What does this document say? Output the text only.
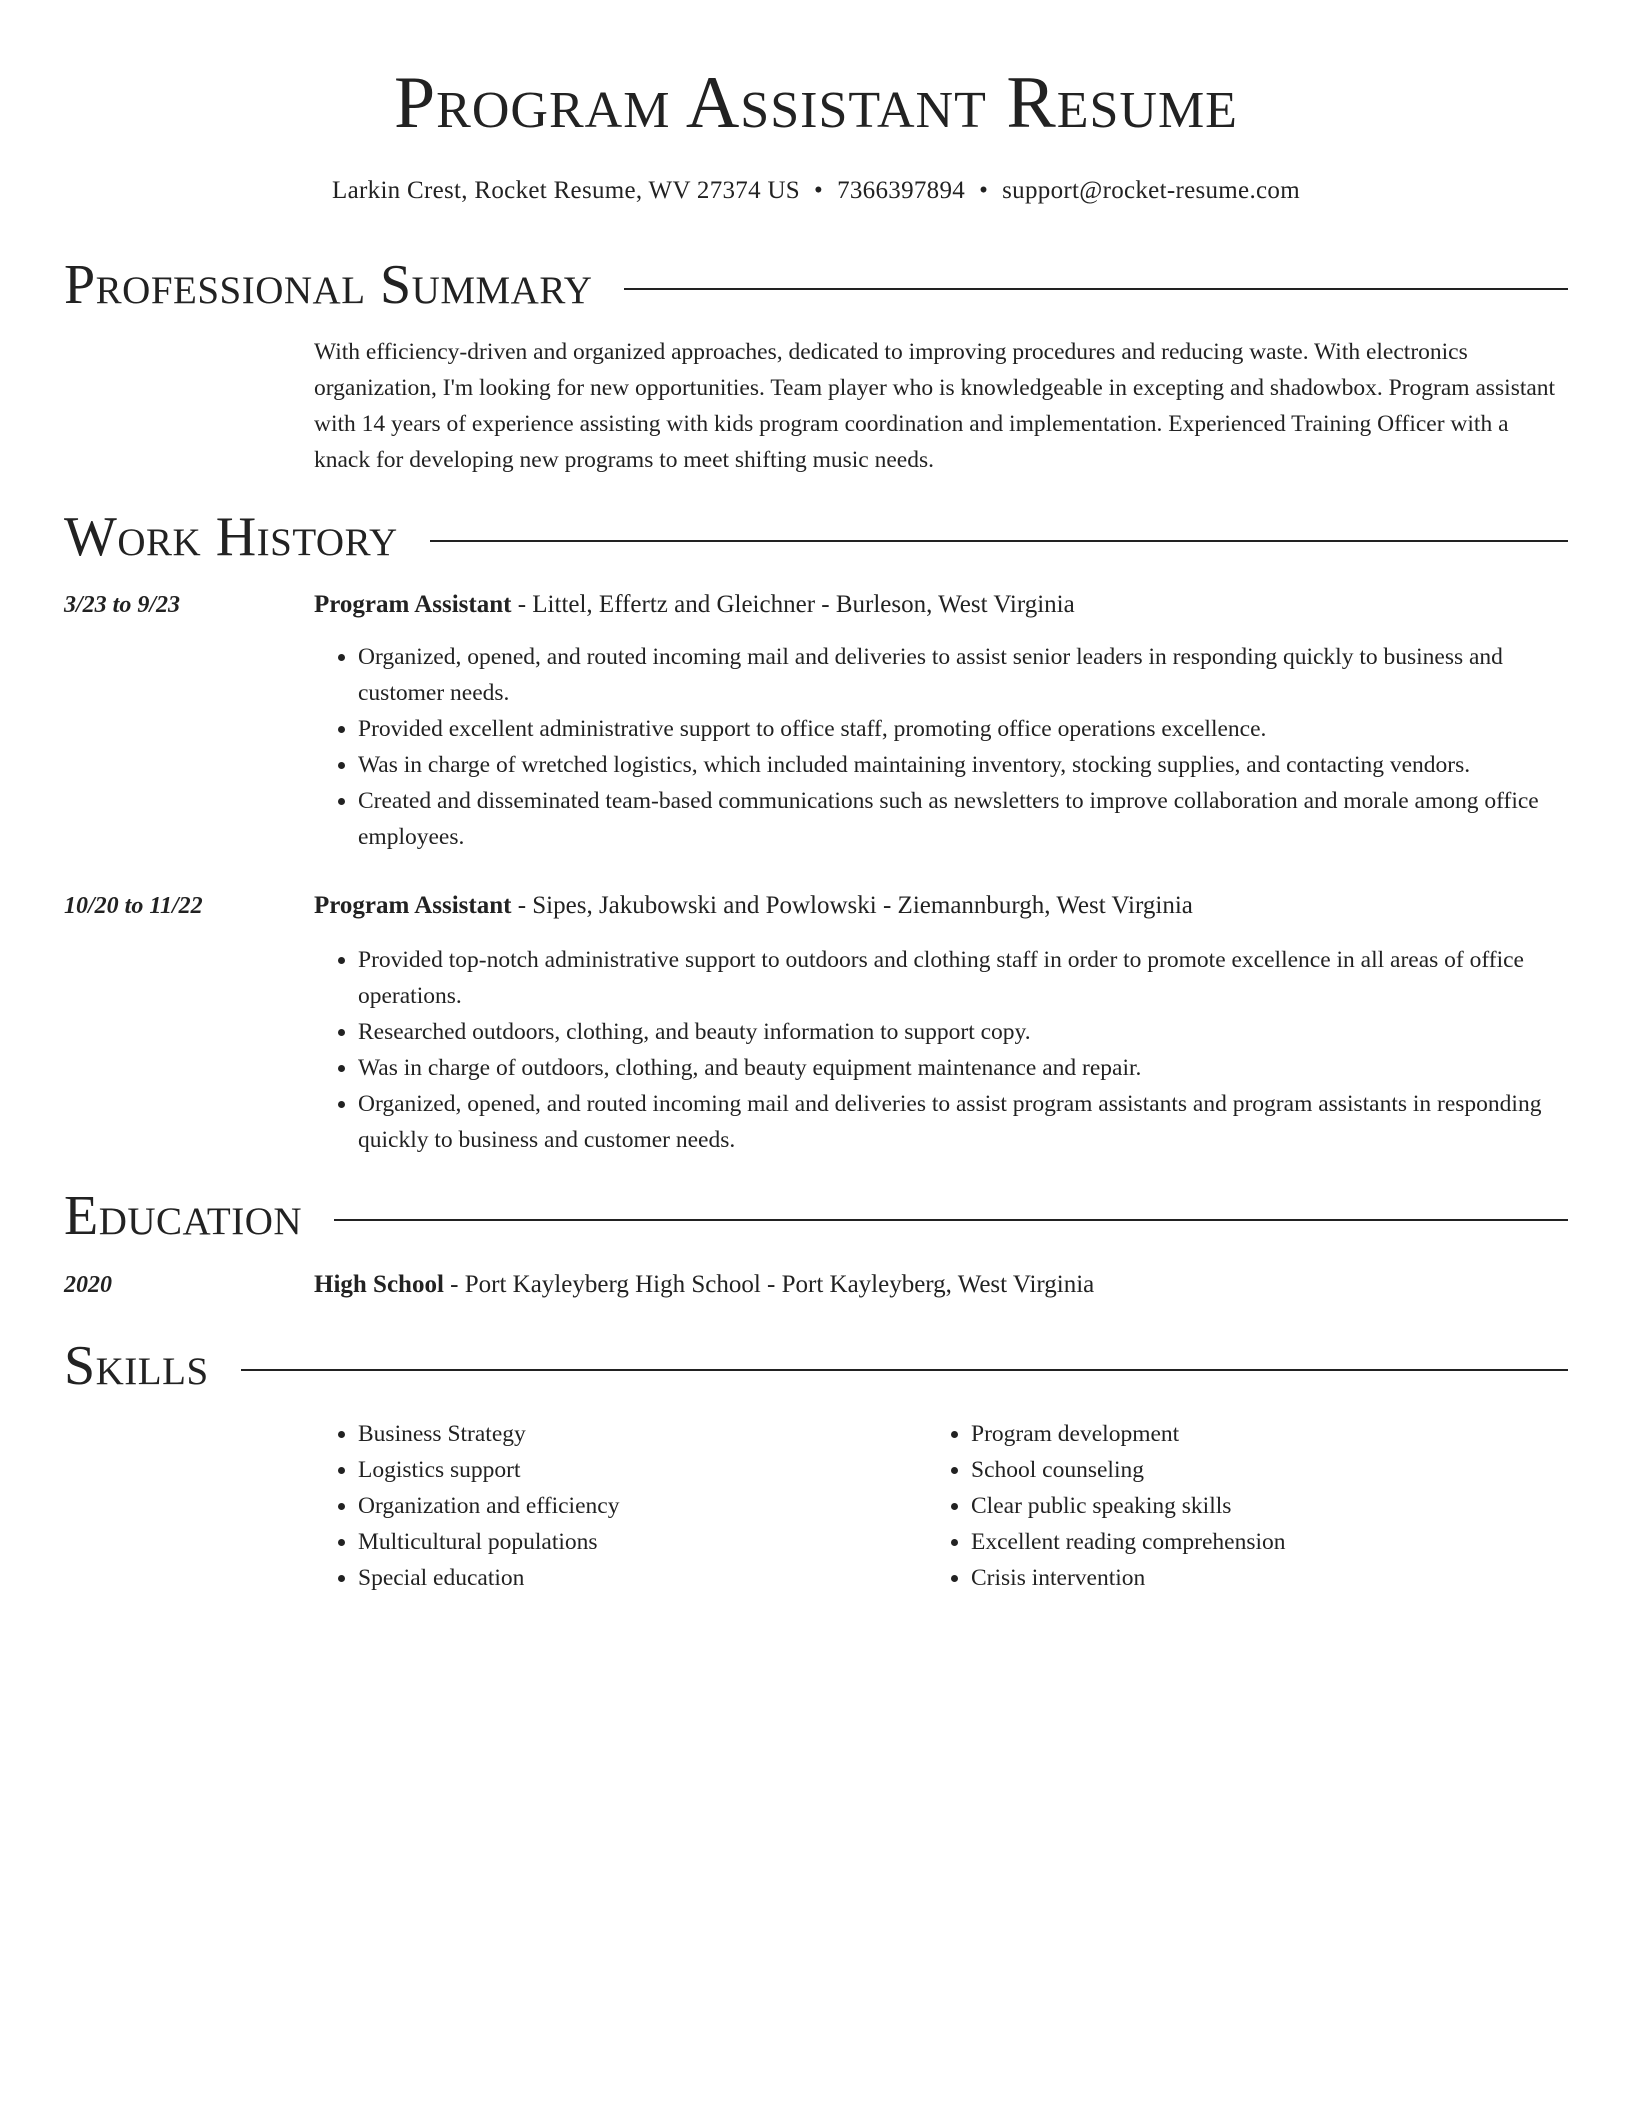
Program Assistant Resume
Larkin Crest, Rocket Resume, WV 27374 US • 7366397894 • support@rocket-resume.com
Professional Summary
With efficiency-driven and organized approaches, dedicated to improving procedures and reducing waste. With electronics organization, I'm looking for new opportunities. Team player who is knowledgeable in excepting and shadowbox. Program assistant with 14 years of experience assisting with kids program coordination and implementation. Experienced Training Officer with a knack for developing new programs to meet shifting music needs.
Work History
3/23 to 9/23	Program Assistant - Littel, Effertz and Gleichner - Burleson, West Virginia
• Organized, opened, and routed incoming mail and deliveries to assist senior leaders in responding quickly to business and customer needs.
• Provided excellent administrative support to office staff, promoting office operations excellence.
• Was in charge of wretched logistics, which included maintaining inventory, stocking supplies, and contacting vendors.
• Created and disseminated team-based communications such as newsletters to improve collaboration and morale among office employees.
10/20 to 11/22	Program Assistant - Sipes, Jakubowski and Powlowski - Ziemannburgh, West Virginia
• Provided top-notch administrative support to outdoors and clothing staff in order to promote excellence in all areas of office operations.
• Researched outdoors, clothing, and beauty information to support copy.
• Was in charge of outdoors, clothing, and beauty equipment maintenance and repair.
• Organized, opened, and routed incoming mail and deliveries to assist program assistants and program assistants in responding quickly to business and customer needs.
Education
2020	High School - Port Kayleyberg High School - Port Kayleyberg, West Virginia
Skills
• Business Strategy
• Logistics support
• Organization and efficiency
• Multicultural populations
• Special education
• Program development
• School counseling
• Clear public speaking skills
• Excellent reading comprehension
• Crisis intervention
